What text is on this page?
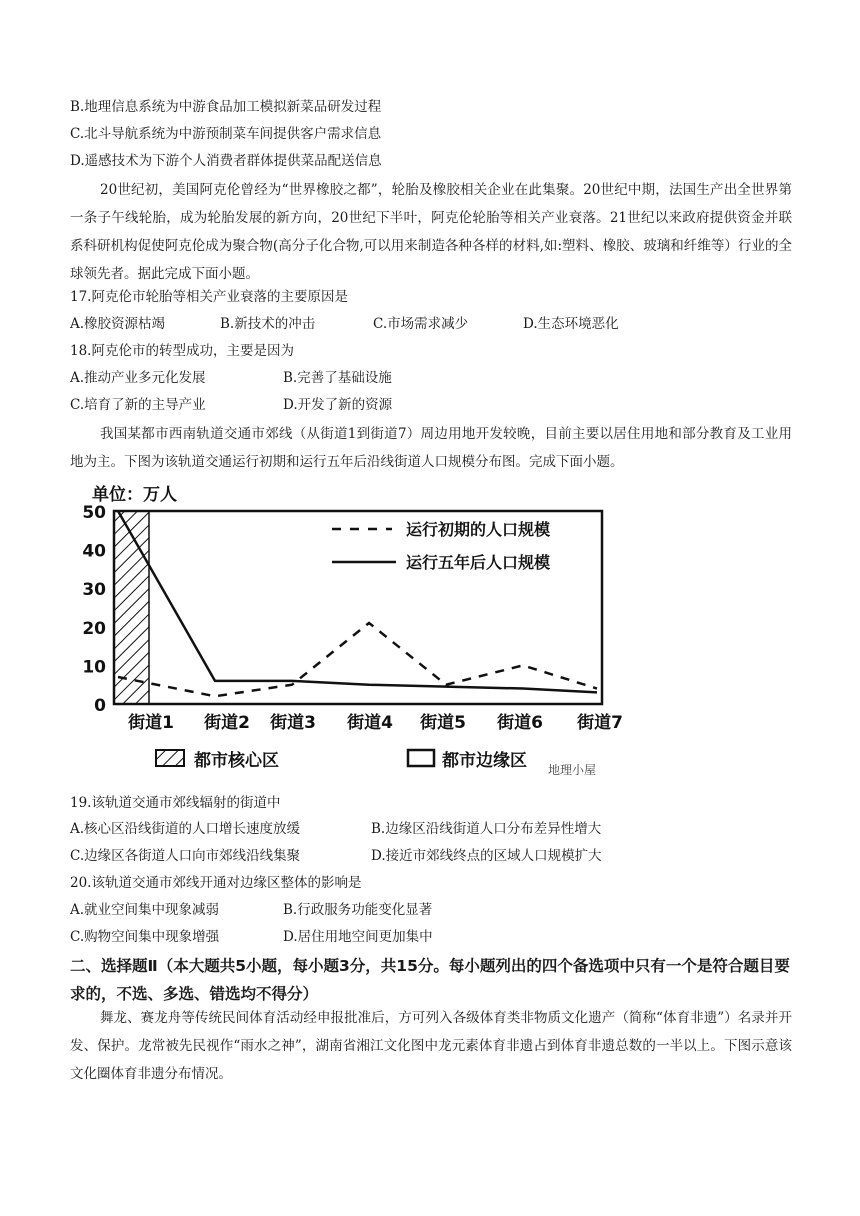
B.地理信息系统为中游食品加工模拟新菜品研发过程
C.北斗导航系统为中游预制菜车间提供客户需求信息
D.遥感技术为下游个人消费者群体提供菜品配送信息
20世纪初，美国阿克伦曾经为“世界橡胶之都”，轮胎及橡胶相关企业在此集聚。20世纪中期，法国生产出全世界第一条子午线轮胎，成为轮胎发展的新方向，20世纪下半叶，阿克伦轮胎等相关产业衰落。21世纪以来政府提供资金并联系科研机构促使阿克伦成为聚合物(高分子化合物,可以用来制造各种各样的材料,如:塑料、橡胶、玻璃和纤维等）行业的全球领先者。据此完成下面小题。
17.阿克伦市轮胎等相关产业衰落的主要原因是
A.橡胶资源枯竭	B.新技术的冲击	C.市场需求减少	D.生态环境恶化
18.阿克伦市的转型成功，主要是因为
A.推动产业多元化发展	B.完善了基础设施
C.培育了新的主导产业	D.开发了新的资源
我国某都市西南轨道交通市郊线（从街道1到街道7）周边用地开发较晚，目前主要以居住用地和部分教育及工业用地为主。下图为该轨道交通运行初期和运行五年后沿线街道人口规模分布图。完成下面小题。
单位：万人
0
10
20
30
40
50
街道1 街道2 街道3 街道4 街道5 街道6 街道7
运行初期的人口规模
运行五年后人口规模
都市核心区	都市边缘区 地理小屋
19.该轨道交通市郊线辐射的街道中
A.核心区沿线街道的人口增长速度放缓	B.边缘区沿线街道人口分布差异性增大
C.边缘区各街道人口向市郊线沿线集聚	D.接近市郊线终点的区域人口规模扩大
20.该轨道交通市郊线开通对边缘区整体的影响是
A.就业空间集中现象减弱	B.行政服务功能变化显著
C.购物空间集中现象增强	D.居住用地空间更加集中
二、选择题Ⅱ（本大题共5小题，每小题3分，共15分。每小题列出的四个备选项中只有一个是符合题目要求的，不选、多选、错选均不得分）
舞龙、赛龙舟等传统民间体育活动经申报批准后，方可列入各级体育类非物质文化遗产（简称“体育非遗”）名录并开发、保护。龙常被先民视作“雨水之神”，湖南省湘江文化图中龙元素体育非遗占到体育非遗总数的一半以上。下图示意该文化圈体育非遗分布情况。
